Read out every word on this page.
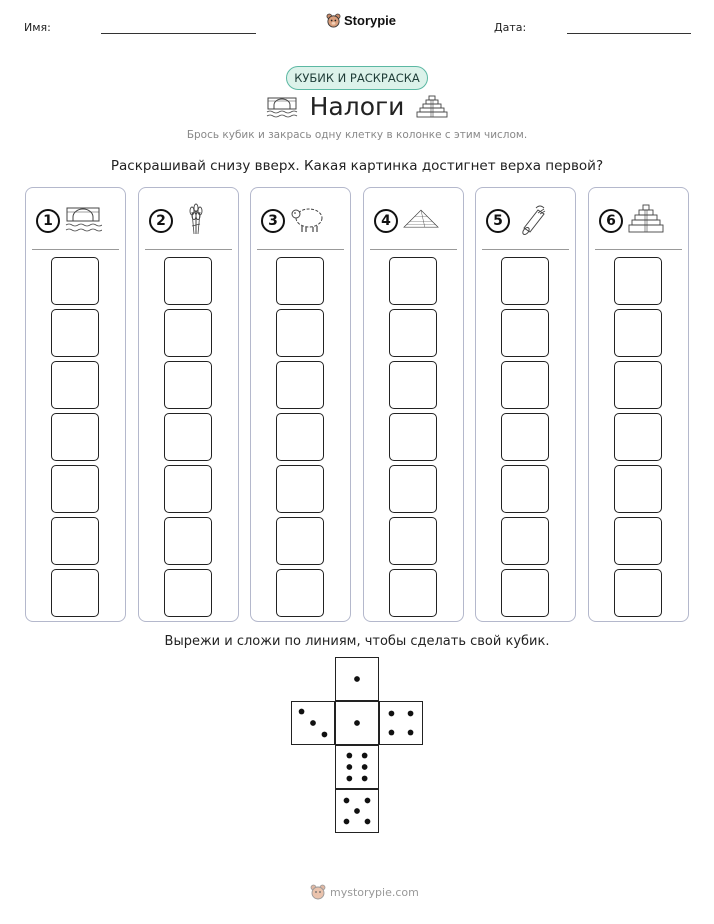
Имя:	Storypie	Дата:
КУБИК И РАСКРАСКА
Налоги
Брось кубик и закрась одну клетку в колонке с этим числом.
Раскрашивай снизу вверх. Какая картинка достигнет верха первой?
1	2	3	4	5	6
Вырежи и сложи по линиям, чтобы сделать свой кубик.
mystorypie.com
